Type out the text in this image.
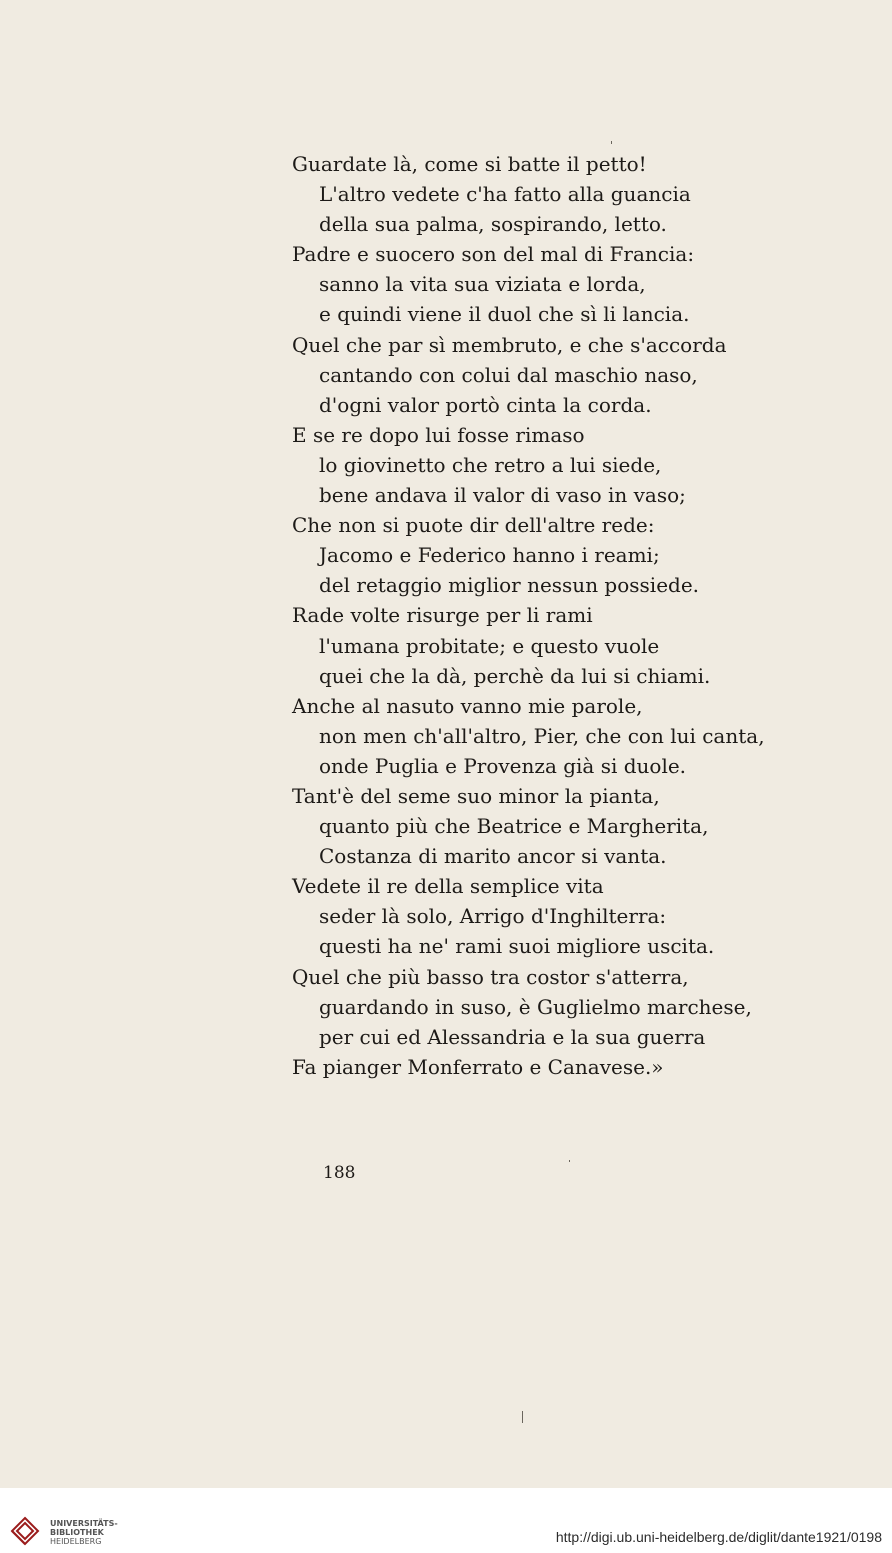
Guardate là, come si batte il petto!
L'altro vedete c'ha fatto alla guancia
della sua palma, sospirando, letto.
Padre e suocero son del mal di Francia:
sanno la vita sua viziata e lorda,
e quindi viene il duol che sì li lancia.
Quel che par sì membruto, e che s'accorda
cantando con colui dal maschio naso,
d'ogni valor portò cinta la corda.
E se re dopo lui fosse rimaso
lo giovinetto che retro a lui siede,
bene andava il valor di vaso in vaso;
Che non si puote dir dell'altre rede:
Jacomo e Federico hanno i reami;
del retaggio miglior nessun possiede.
Rade volte risurge per li rami
l'umana probitate; e questo vuole
quei che la dà, perchè da lui si chiami.
Anche al nasuto vanno mie parole,
non men ch'all'altro, Pier, che con lui canta,
onde Puglia e Provenza già si duole.
Tant'è del seme suo minor la pianta,
quanto più che Beatrice e Margherita,
Costanza di marito ancor si vanta.
Vedete il re della semplice vita
seder là solo, Arrigo d'Inghilterra:
questi ha ne' rami suoi migliore uscita.
Quel che più basso tra costor s'atterra,
guardando in suso, è Guglielmo marchese,
per cui ed Alessandria e la sua guerra
Fa pianger Monferrato e Canavese.»
188
UNIVERSITÄTS-
BIBLIOTHEK
HEIDELBERG	http://digi.ub.uni-heidelberg.de/diglit/dante1921/0198
